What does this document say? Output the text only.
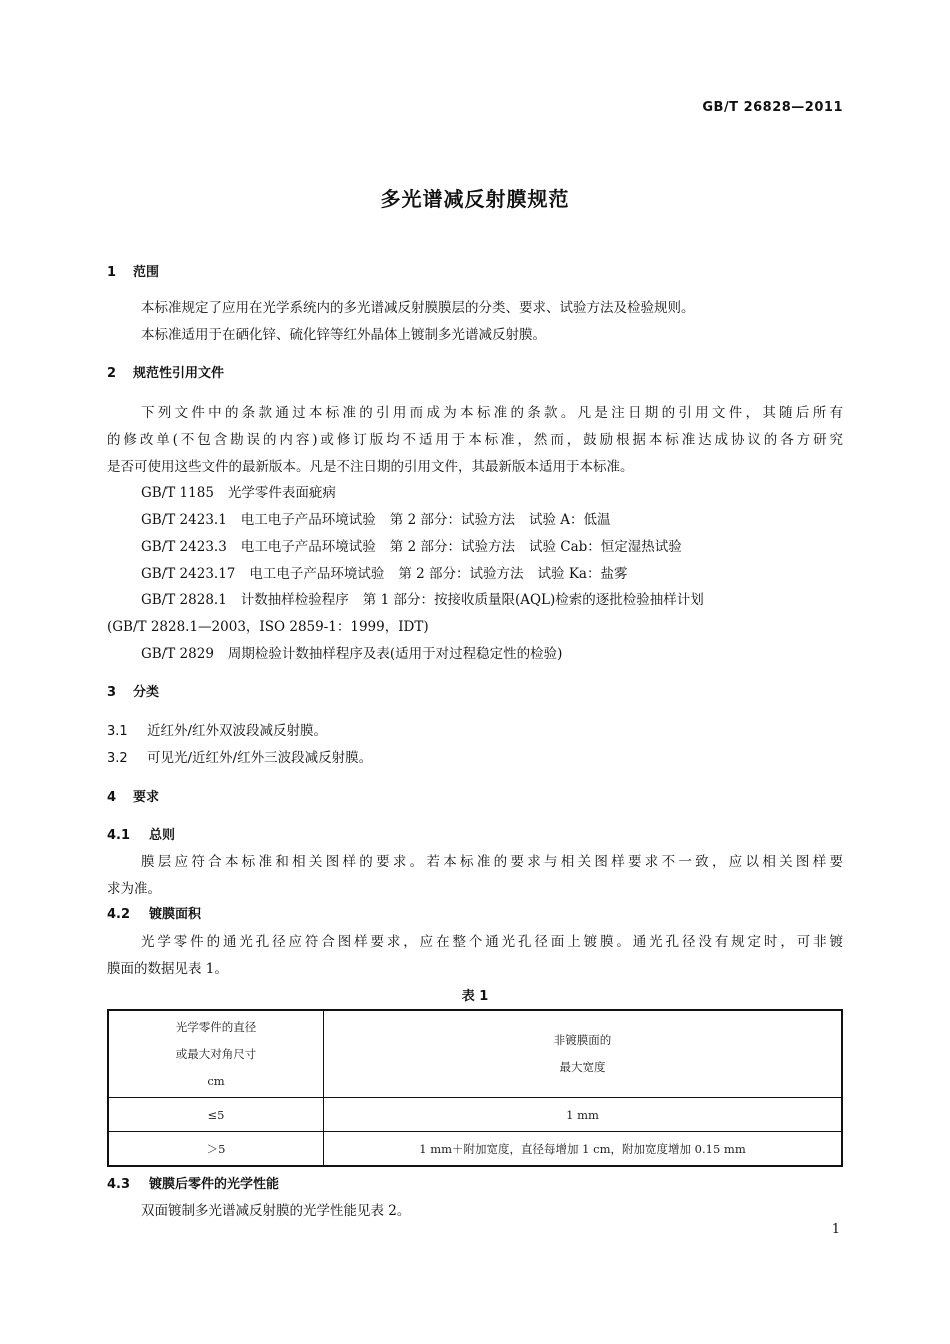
GB/T 26828—2011
多光谱减反射膜规范
1 范围
本标准规定了应用在光学系统内的多光谱减反射膜膜层的分类、要求、试验方法及检验规则。
本标准适用于在硒化锌、硫化锌等红外晶体上镀制多光谱减反射膜。
2 规范性引用文件
下列文件中的条款通过本标准的引用而成为本标准的条款。凡是注日期的引用文件，其随后所有
的修改单(不包含勘误的内容)或修订版均不适用于本标准，然而，鼓励根据本标准达成协议的各方研究
是否可使用这些文件的最新版本。凡是不注日期的引用文件，其最新版本适用于本标准。
GB/T 1185 光学零件表面疵病
GB/T 2423.1 电工电子产品环境试验 第 2 部分：试验方法 试验 A：低温
GB/T 2423.3 电工电子产品环境试验 第 2 部分：试验方法 试验 Cab：恒定湿热试验
GB/T 2423.17 电工电子产品环境试验 第 2 部分：试验方法 试验 Ka：盐雾
GB/T 2828.1 计数抽样检验程序 第 1 部分：按接收质量限(AQL)检索的逐批检验抽样计划
(GB/T 2828.1—2003，ISO 2859-1：1999，IDT)
GB/T 2829 周期检验计数抽样程序及表(适用于对过程稳定性的检验)
3 分类
3.1 近红外/红外双波段减反射膜。
3.2 可见光/近红外/红外三波段减反射膜。
4 要求
4.1 总则
膜层应符合本标准和相关图样的要求。若本标准的要求与相关图样要求不一致，应以相关图样要
求为准。
4.2 镀膜面积
光学零件的通光孔径应符合图样要求，应在整个通光孔径面上镀膜。通光孔径没有规定时，可非镀
膜面的数据见表 1。
表 1
光学零件的直径
或最大对角尺寸
cm	非镀膜面的
最大宽度

≤5	1 mm
＞5	1 mm＋附加宽度，直径每增加 1 cm，附加宽度增加 0.15 mm
4.3 镀膜后零件的光学性能
双面镀制多光谱减反射膜的光学性能见表 2。
1
